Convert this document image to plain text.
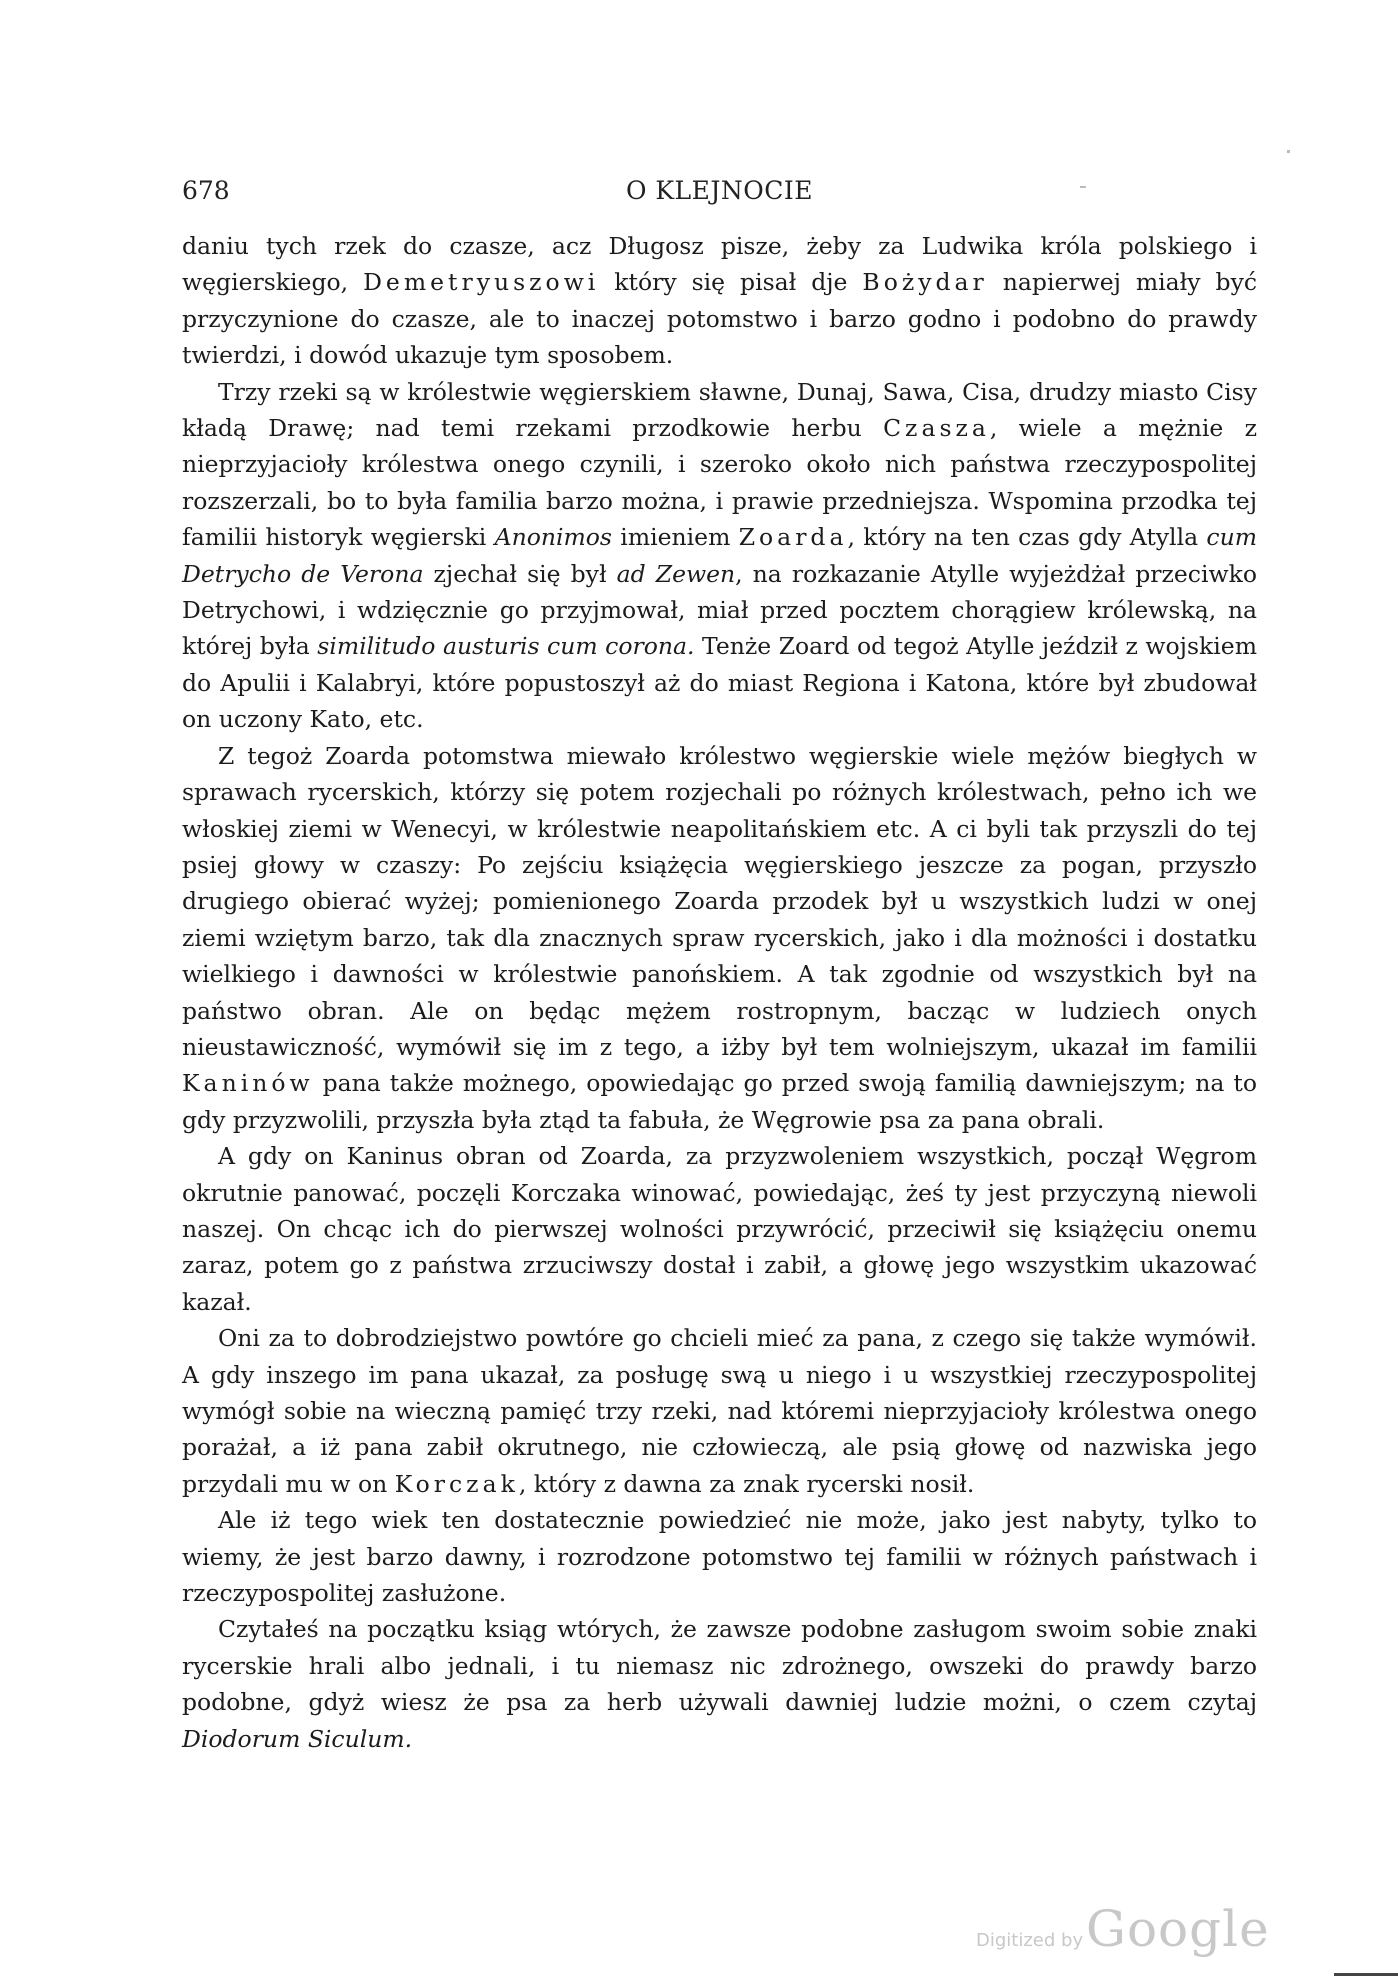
678	O KLEJNOCIE

daniu tych rzek do czasze, acz Długosz pisze, żeby za Ludwika króla polskiego i węgierskiego, Demetryuszowi który się pisał dje Bożydar napierwej miały być przyczynione do czasze, ale to inaczej potomstwo i barzo godno i podobno do prawdy twierdzi, i dowód ukazuje tym sposobem.

Trzy rzeki są w królestwie węgierskiem sławne, Dunaj, Sawa, Cisa, drudzy miasto Cisy kładą Drawę; nad temi rzekami przodkowie herbu Czasza, wiele a mężnie z nieprzyjacioły królestwa onego czynili, i szeroko około nich państwa rzeczypospolitej rozszerzali, bo to była familia barzo można, i prawie przedniejsza. Wspomina przodka tej familii historyk węgierski Anonimos imieniem Zoarda, który na ten czas gdy Atylla cum Detrycho de Verona zjechał się był ad Zewen, na rozkazanie Atylle wyjeżdżał przeciwko Detrychowi, i wdzięcznie go przyjmował, miał przed pocztem chorągiew królewską, na której była similitudo austuris cum corona. Tenże Zoard od tegoż Atylle jeździł z wojskiem do Apulii i Kalabryi, które popustoszył aż do miast Regiona i Katona, które był zbudował on uczony Kato, etc.

Z tegoż Zoarda potomstwa miewało królestwo węgierskie wiele mężów biegłych w sprawach rycerskich, którzy się potem rozjechali po różnych królestwach, pełno ich we włoskiej ziemi w Wenecyi, w królestwie neapolitańskiem etc. A ci byli tak przyszli do tej psiej głowy w czaszy: Po zejściu książęcia węgierskiego jeszcze za pogan, przyszło drugiego obierać wyżej; pomienionego Zoarda przodek był u wszystkich ludzi w onej ziemi wziętym barzo, tak dla znacznych spraw rycerskich, jako i dla możności i dostatku wielkiego i dawności w królestwie panońskiem. A tak zgodnie od wszystkich był na państwo obran. Ale on będąc mężem rostropnym, bacząc w ludziech onych nieustawiczność, wymówił się im z tego, a iżby był tem wolniejszym, ukazał im familii Kaninów pana także możnego, opowiedając go przed swoją familią dawniejszym; na to gdy przyzwolili, przyszła była ztąd ta fabuła, że Węgrowie psa za pana obrali.

A gdy on Kaninus obran od Zoarda, za przyzwoleniem wszystkich, począł Węgrom okrutnie panować, poczęli Korczaka winować, powiedając, żeś ty jest przyczyną niewoli naszej. On chcąc ich do pierwszej wolności przywrócić, przeciwił się książęciu onemu zaraz, potem go z państwa zrzuciwszy dostał i zabił, a głowę jego wszystkim ukazować kazał.

Oni za to dobrodziejstwo powtóre go chcieli mieć za pana, z czego się także wymówił. A gdy inszego im pana ukazał, za posługę swą u niego i u wszystkiej rzeczypospolitej wymógł sobie na wieczną pamięć trzy rzeki, nad któremi nieprzyjacioły królestwa onego porażał, a iż pana zabił okrutnego, nie człowieczą, ale psią głowę od nazwiska jego przydali mu w on Korczak, który z dawna za znak rycerski nosił.

Ale iż tego wiek ten dostatecznie powiedzieć nie może, jako jest nabyty, tylko to wiemy, że jest barzo dawny, i rozrodzone potomstwo tej familii w różnych państwach i rzeczypospolitej zasłużone.

Czytałeś na początku ksiąg wtórych, że zawsze podobne zasługom swoim sobie znaki rycerskie hrali albo jednali, i tu niemasz nic zdrożnego, owszeki do prawdy barzo podobne, gdyż wiesz że psa za herb używali dawniej ludzie możni, o czem czytaj Diodorum Siculum.

Digitized by Google
